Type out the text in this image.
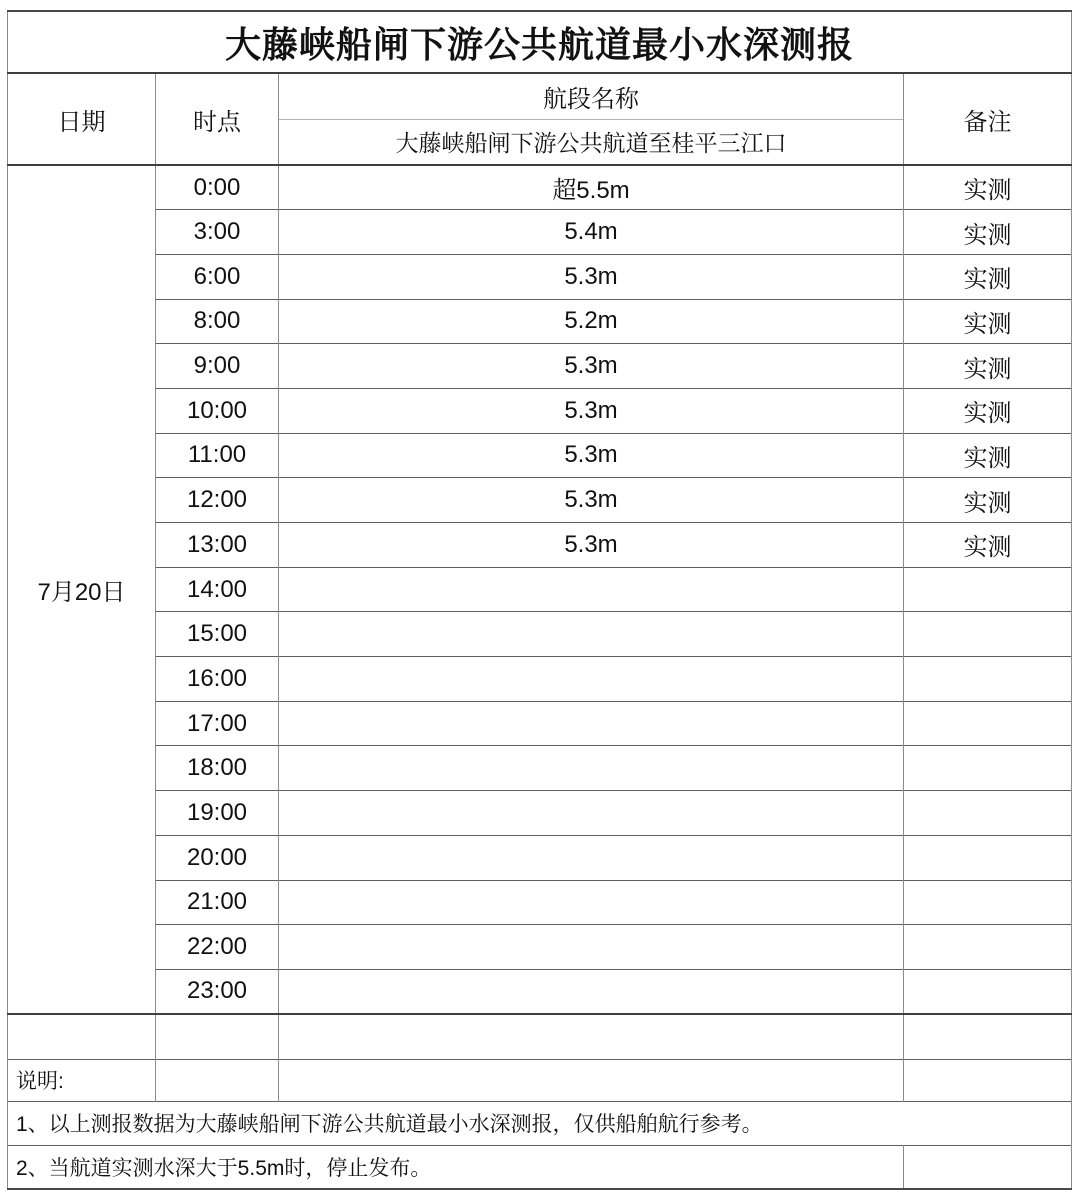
大藤峡船闸下游公共航道最小水深测报			
日期	时点	航段名称	备注
		大藤峡船闸下游公共航道至桂平三江口	
7月20日	0:00	超5.5m	实测
	3:00	5.4m	实测
	6:00	5.3m	实测
	8:00	5.2m	实测
	9:00	5.3m	实测
	10:00	5.3m	实测
	11:00	5.3m	实测
	12:00	5.3m	实测
	13:00	5.3m	实测
	14:00		
	15:00		
	16:00		
	17:00		
	18:00		
	19:00		
	20:00		
	21:00		
	22:00		
	23:00		

说明:			
1、以上测报数据为大藤峡船闸下游公共航道最小水深测报，仅供船舶航行参考。			
2、当航道实测水深大于5.5m时，停止发布。			
